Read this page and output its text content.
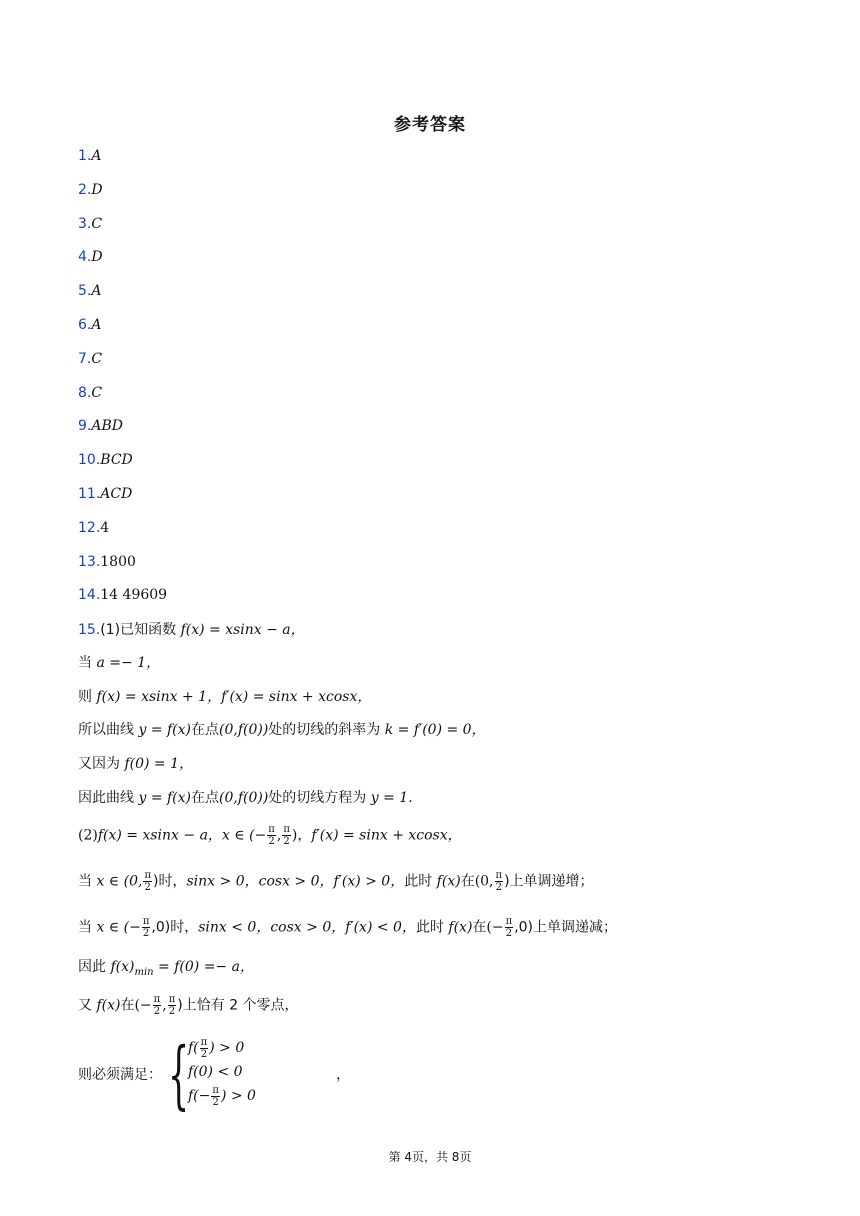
参考答案
1.A
2.D
3.C
4.D
5.A
6.A
7.C
8.C
9.ABD
10.BCD
11.ACD
12.4
13.1800
14.14 49609
15.(1)已知函数 f(x) = xsinx − a，
当 a =− 1，
则 f(x) = xsinx + 1，f′(x) = sinx + xcosx，
所以曲线 y = f(x)在点(0,f(0))处的切线的斜率为 k = f′(0) = 0，
又因为 f(0) = 1，
因此曲线 y = f(x)在点(0,f(0))处的切线方程为 y = 1.
(2)f(x) = xsinx − a，x ∈ (− $\frac{\pi}{2}$ , $\frac{\pi}{2}$ )，f′(x) = sinx + xcosx，
当 x ∈ (0, $\frac{\pi}{2}$ )时，sinx > 0，cosx > 0，f′(x) > 0，此时 f(x)在(0, $\frac{\pi}{2}$ )上单调递增；
当 x ∈ (− $\frac{\pi}{2} ,0$)时，sinx < 0，cosx > 0，f′(x) < 0，此时 f(x)在(− $\frac{\pi}{2} ,0$)上单调递减；
因此 $f(x)_{min} = f(0) =- a$，
又 f(x)在(− $\frac{\pi}{2}$ , $\frac{\pi}{2}$ )上恰有 2 个零点，
则必须满足： {
$f( \frac{\pi}{2}$ ) > 0
f(0) < 0
$f(- \frac{\pi}{2}$ ) > 0
，
第 4页，共 8页
